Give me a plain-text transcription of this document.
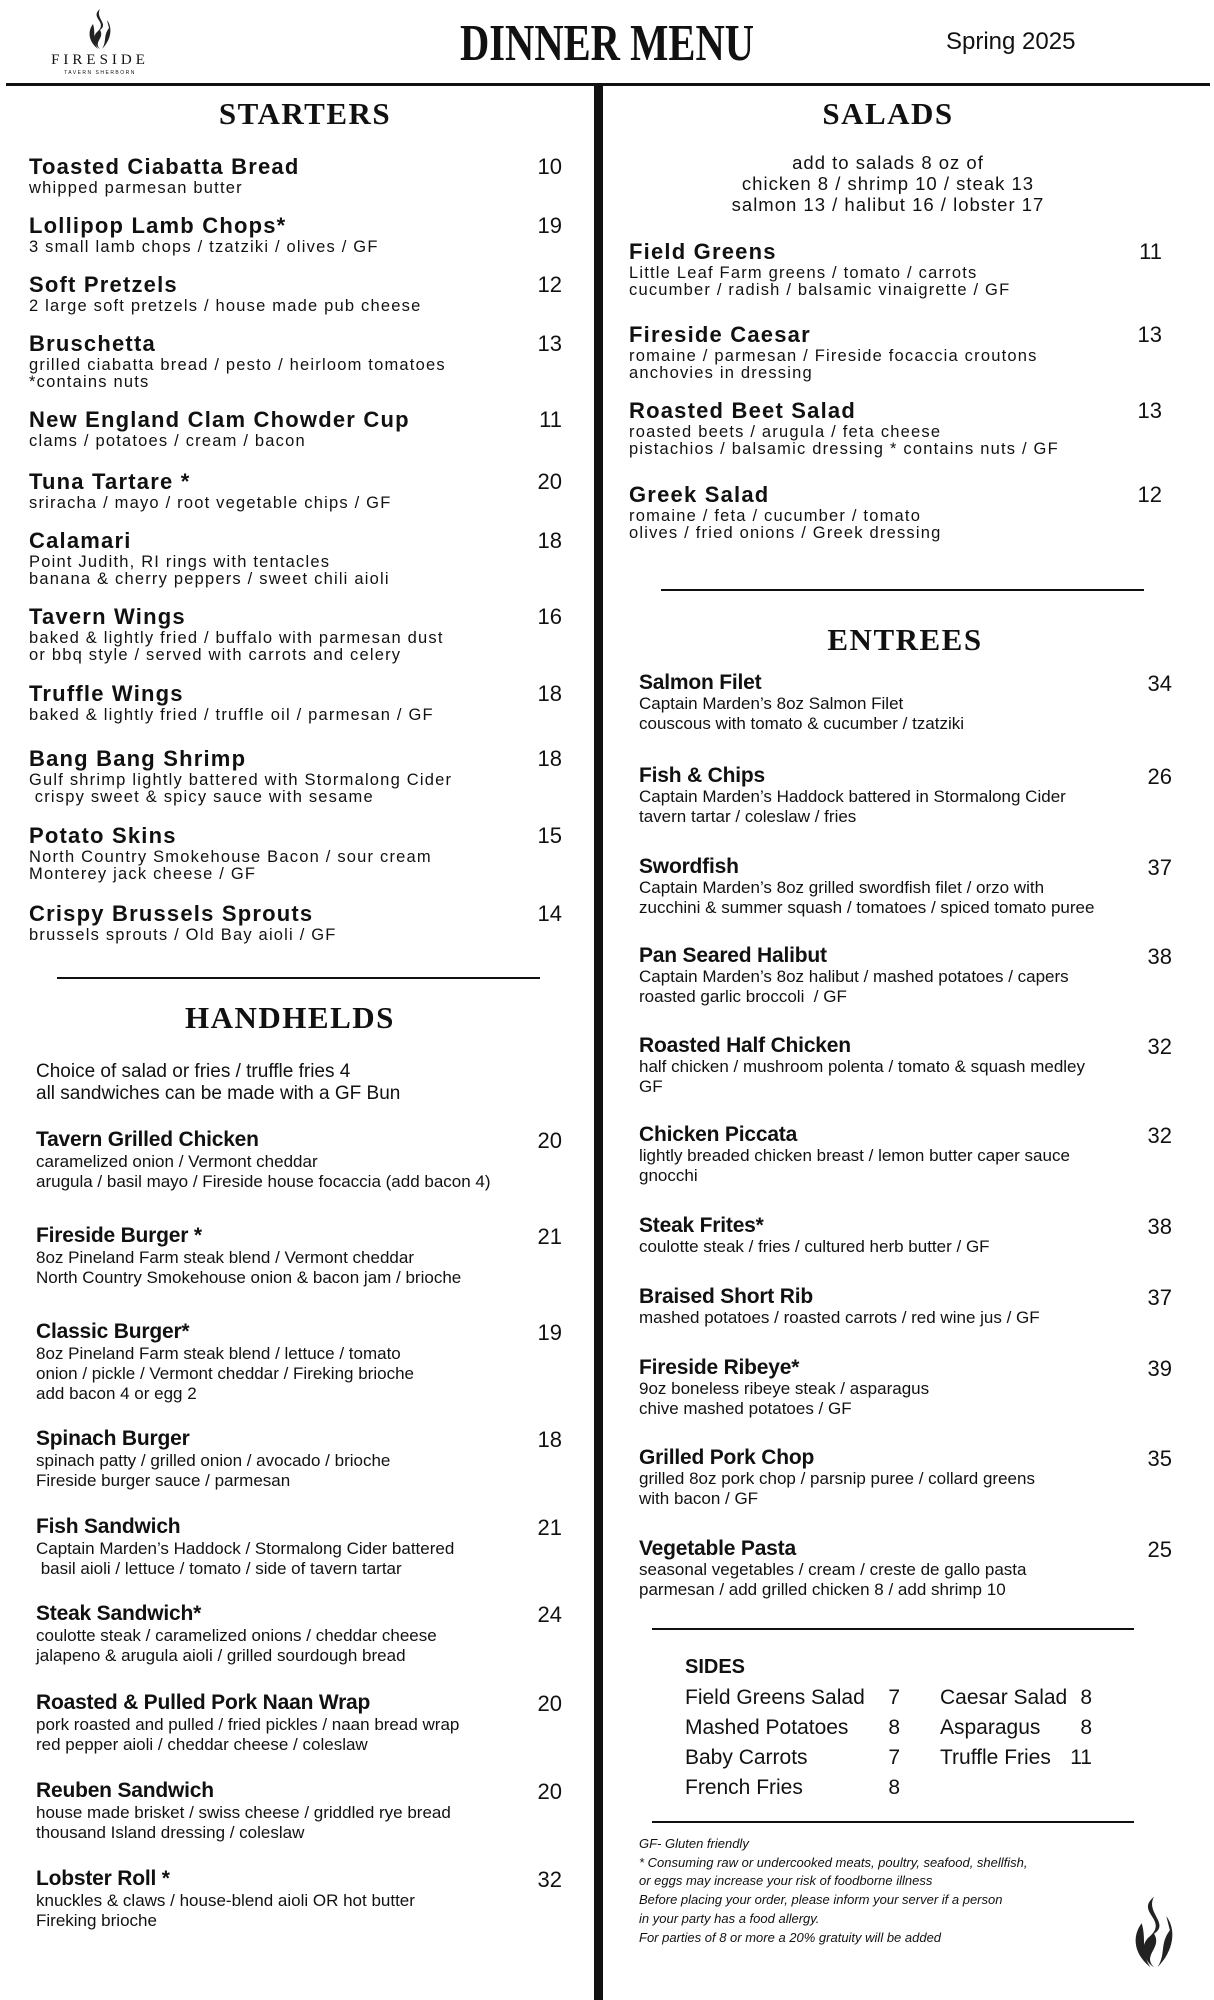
FIRESIDE
TAVERN SHERBORN
DINNER MENU	Spring 2025
STARTERS
HANDHELDS
Choice of salad or fries / truffle fries 4
all sandwiches can be made with a GF Bun
SALADS
add to salads 8 oz of
chicken 8 / shrimp 10 / steak 13
salmon 13 / halibut 16 / lobster 17
ENTREES
SIDES
Field Greens Salad	7
Mashed Potatoes	8
Baby Carrots	7
French Fries	8
Caesar Salad 8
Asparagus	8
Truffle Fries 11
GF- Gluten friendly
* Consuming raw or undercooked meats, poultry, seafood, shellfish,
or eggs may increase your risk of foodborne illness
Before placing your order, please inform your server if a person
in your party has a food allergy.
For parties of 8 or more a 20% gratuity will be added
Toasted Ciabatta Bread	10
whipped parmesan butter
Lollipop Lamb Chops*	19
3 small lamb chops / tzatziki / olives / GF
Soft Pretzels	12
2 large soft pretzels / house made pub cheese
Bruschetta	13
grilled ciabatta bread / pesto / heirloom tomatoes
*contains nuts
New England Clam Chowder Cup	11
clams / potatoes / cream / bacon
Tuna Tartare *	20
sriracha / mayo / root vegetable chips / GF
Calamari	18
Point Judith, RI rings with tentacles
banana & cherry peppers / sweet chili aioli
Tavern Wings	16
baked & lightly fried / buffalo with parmesan dust
or bbq style / served with carrots and celery
Truffle Wings	18
baked & lightly fried / truffle oil / parmesan / GF
Bang Bang Shrimp	18
Gulf shrimp lightly battered with Stormalong Cider
crispy sweet & spicy sauce with sesame
Potato Skins	15
North Country Smokehouse Bacon / sour cream
Monterey jack cheese / GF
Crispy Brussels Sprouts	14
brussels sprouts / Old Bay aioli / GF
Tavern Grilled Chicken	20
caramelized onion / Vermont cheddar
arugula / basil mayo / Fireside house focaccia (add bacon 4)
Fireside Burger *	21
8oz Pineland Farm steak blend / Vermont cheddar
North Country Smokehouse onion & bacon jam / brioche
Classic Burger*	19
8oz Pineland Farm steak blend / lettuce / tomato
onion / pickle / Vermont cheddar / Fireking brioche
add bacon 4 or egg 2
Spinach Burger	18
spinach patty / grilled onion / avocado / brioche
Fireside burger sauce / parmesan
Fish Sandwich	21
Captain Marden’s Haddock / Stormalong Cider battered
basil aioli / lettuce / tomato / side of tavern tartar
Steak Sandwich*	24
coulotte steak / caramelized onions / cheddar cheese
jalapeno & arugula aioli / grilled sourdough bread
Roasted & Pulled Pork Naan Wrap	20
pork roasted and pulled / fried pickles / naan bread wrap
red pepper aioli / cheddar cheese / coleslaw
Reuben Sandwich	20
house made brisket / swiss cheese / griddled rye bread
thousand Island dressing / coleslaw
Lobster Roll *	32
knuckles & claws / house-blend aioli OR hot butter
Fireking brioche
Field Greens	11
Little Leaf Farm greens / tomato / carrots
cucumber / radish / balsamic vinaigrette / GF
Fireside Caesar	13
romaine / parmesan / Fireside focaccia croutons
anchovies in dressing
Roasted Beet Salad	13
roasted beets / arugula / feta cheese
pistachios / balsamic dressing * contains nuts / GF
Greek Salad	12
romaine / feta / cucumber / tomato
olives / fried onions / Greek dressing
Salmon Filet	34
Captain Marden’s 8oz Salmon Filet
couscous with tomato & cucumber / tzatziki
Fish & Chips	26
Captain Marden’s Haddock battered in Stormalong Cider
tavern tartar / coleslaw / fries
Swordfish	37
Captain Marden’s 8oz grilled swordfish filet / orzo with
zucchini & summer squash / tomatoes / spiced tomato puree
Pan Seared Halibut	38
Captain Marden’s 8oz halibut / mashed potatoes / capers
roasted garlic broccoli  / GF
Roasted Half Chicken	32
half chicken / mushroom polenta / tomato & squash medley
GF
Chicken Piccata	32
lightly breaded chicken breast / lemon butter caper sauce
gnocchi
Steak Frites*	38
coulotte steak / fries / cultured herb butter / GF
Braised Short Rib	37
mashed potatoes / roasted carrots / red wine jus / GF
Fireside Ribeye*	39
9oz boneless ribeye steak / asparagus
chive mashed potatoes / GF
Grilled Pork Chop	35
grilled 8oz pork chop / parsnip puree / collard greens
with bacon / GF
Vegetable Pasta	25
seasonal vegetables / cream / creste de gallo pasta
parmesan / add grilled chicken 8 / add shrimp 10
